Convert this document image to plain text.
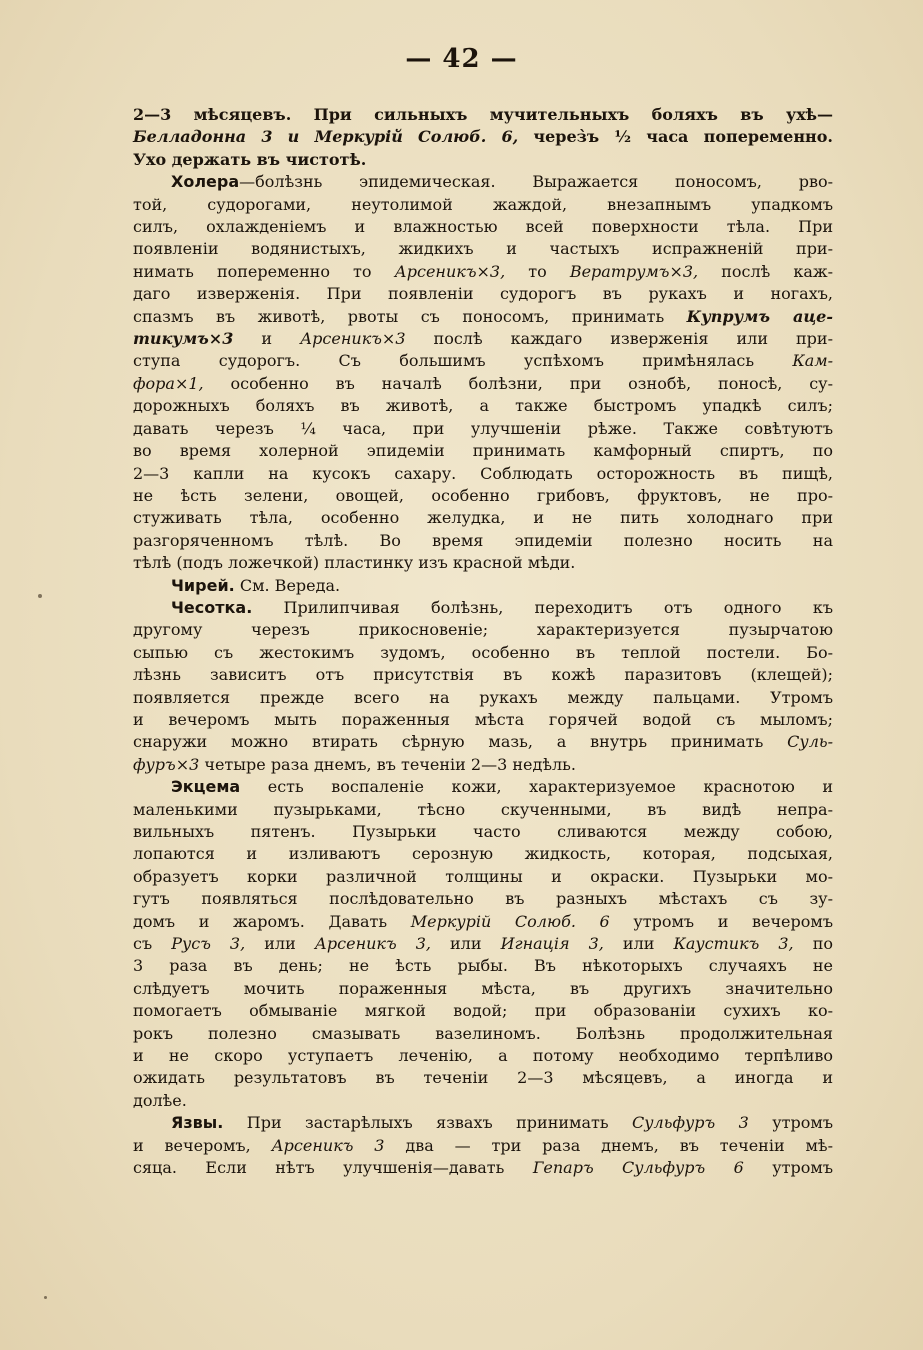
— 42 —
2—3 мѣсяцевъ. При сильныхъ мучительныхъ боляхъ въ ухѣ—
Белладонна 3 и Меркурій Солюб. 6, через̀ъ ½ часа попеременно.
Ухо держать въ чистотѣ.
Холера—болѣзнь эпидемическая. Выражается поносомъ, рво-
той, судорогами, неутолимой жаждой, внезапнымъ упадкомъ
силъ, охлажденіемъ и влажностью всей поверхности тѣла. При
появленіи водянистыхъ, жидкихъ и частыхъ испражненій при-
нимать попеременно то Арсеникъ×3, то Вератрумъ×3, послѣ каж-
даго изверженія. При появленіи судорогъ въ рукахъ и ногахъ,
спазмъ въ животѣ, рвоты съ поносомъ, принимать Купрумъ аце-
тикумъ×3 и Арсеникъ×3 послѣ каждаго изверженія или при-
ступа судорогъ. Съ большимъ успѣхомъ примѣнялась Кам-
фора×1, особенно въ началѣ болѣзни, при ознобѣ, поносѣ, су-
дорожныхъ боляхъ въ животѣ, а также быстромъ упадкѣ силъ;
давать черезъ ¼ часа, при улучшеніи рѣже. Также совѣтуютъ
во время холерной эпидеміи принимать камфорный спиртъ, по
2—3 капли на кусокъ сахару. Соблюдать осторожность въ пищѣ,
не ѣсть зелени, овощей, особенно грибовъ, фруктовъ, не про-
стуживать тѣла, особенно желудка, и не пить холоднаго при
разгоряченномъ тѣлѣ. Во время эпидеміи полезно носить на
тѣлѣ (подъ ложечкой) пластинку изъ красной мѣди.
Чирей. См. Вереда.
Чесотка. Прилипчивая болѣзнь, переходитъ отъ одного къ
другому черезъ прикосновеніе; характеризуется пузырчатою
сыпью съ жестокимъ зудомъ, особенно въ теплой постели. Бо-
лѣзнь зависитъ отъ присутствія въ кожѣ паразитовъ (клещей);
появляется прежде всего на рукахъ между пальцами. Утромъ
и вечеромъ мыть пораженныя мѣста горячей водой съ мыломъ;
снаружи можно втирать сѣрную мазь, а внутрь принимать Суль-
фуръ×3 четыре раза днемъ, въ теченіи 2—3 недѣль.
Экцема есть воспаленіе кожи, характеризуемое краснотою и
маленькими пузырьками, тѣсно скученными, въ видѣ непра-
вильныхъ пятенъ. Пузырьки часто сливаются между собою,
лопаются и изливаютъ серозную жидкость, которая, подсыхая,
образуетъ корки различной толщины и окраски. Пузырьки мо-
гутъ появляться послѣдовательно въ разныхъ мѣстахъ съ зу-
домъ и жаромъ. Давать Меркурій Солюб. 6 утромъ и вечеромъ
съ Русъ 3, или Арсеникъ 3, или Игнація 3, или Каустикъ 3, по
3 раза въ день; не ѣсть рыбы. Въ нѣкоторыхъ случаяхъ не
слѣдуетъ мочить пораженныя мѣста, въ другихъ значительно
помогаетъ обмываніе мягкой водой; при образованіи сухихъ ко-
рокъ полезно смазывать вазелиномъ. Болѣзнь продолжительная
и не скоро уступаетъ леченію, а потому необходимо терпѣливо
ожидать результатовъ въ теченіи 2—3 мѣсяцевъ, а иногда и
долѣе.
Язвы. При застарѣлыхъ язвахъ принимать Сульфуръ 3 утромъ
и вечеромъ, Арсеникъ 3 два — три раза днемъ, въ теченіи мѣ-
сяца. Если нѣтъ улучшенія—давать Гепаръ Сульфуръ 6 утромъ
